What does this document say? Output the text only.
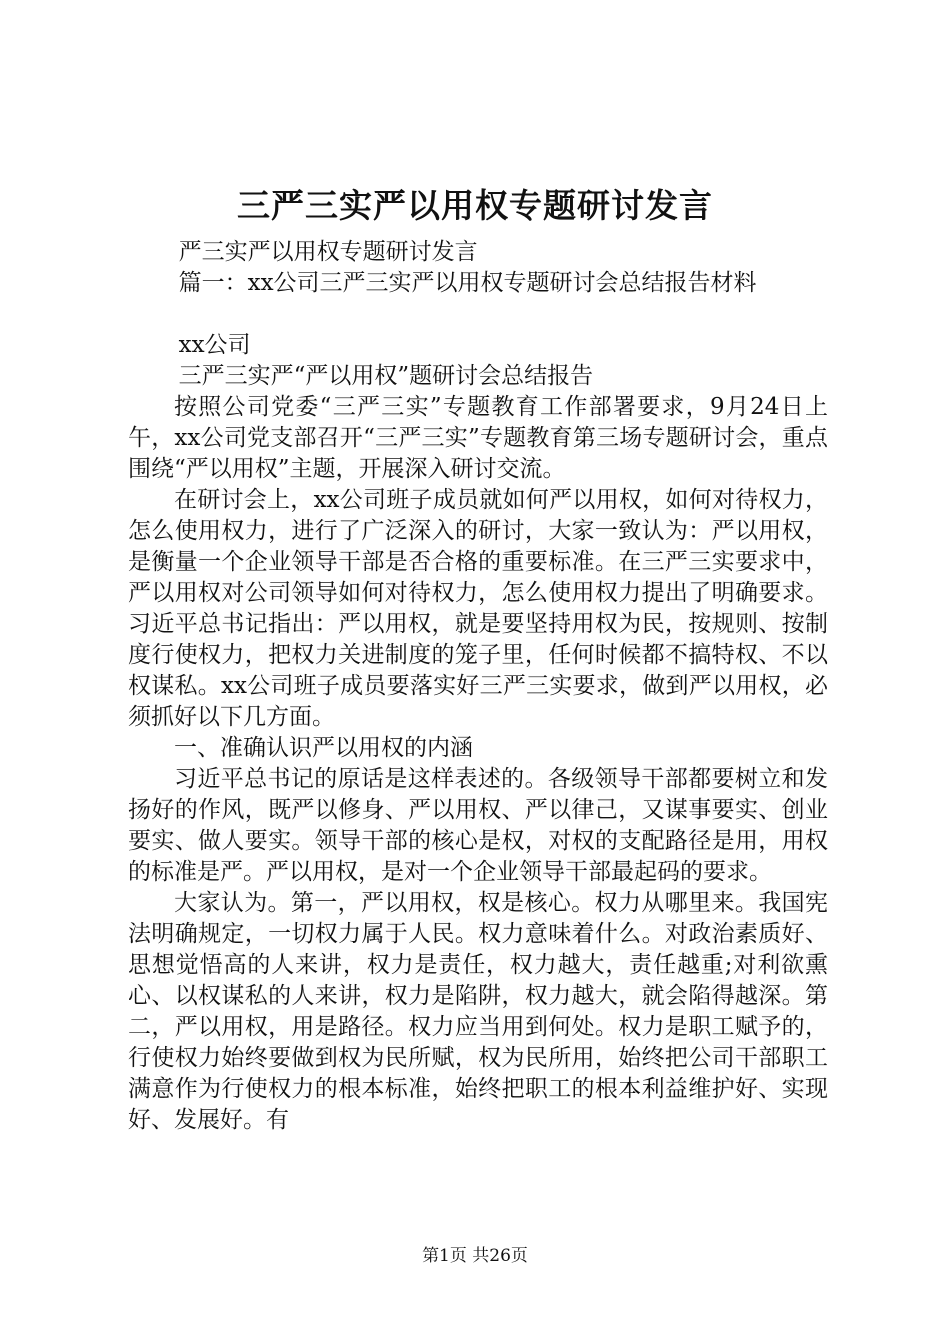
三严三实严以用权专题研讨发言

严三实严以用权专题研讨发言

篇一：xx公司三严三实严以用权专题研讨会总结报告材料

xx公司

三严三实严“严以用权”题研讨会总结报告

按照公司党委“三严三实”专题教育工作部署要求，9月24日上午，xx公司党支部召开“三严三实”专题教育第三场专题研讨会，重点围绕“严以用权”主题，开展深入研讨交流。

在研讨会上，xx公司班子成员就如何严以用权，如何对待权力，怎么使用权力，进行了广泛深入的研讨，大家一致认为：严以用权，是衡量一个企业领导干部是否合格的重要标准。在三严三实要求中，严以用权对公司领导如何对待权力，怎么使用权力提出了明确要求。习近平总书记指出：严以用权，就是要坚持用权为民，按规则、按制度行使权力，把权力关进制度的笼子里，任何时候都不搞特权、不以权谋私。xx公司班子成员要落实好三严三实要求，做到严以用权，必须抓好以下几方面。

一、准确认识严以用权的内涵

习近平总书记的原话是这样表述的。各级领导干部都要树立和发扬好的作风，既严以修身、严以用权、严以律己，又谋事要实、创业要实、做人要实。领导干部的核心是权，对权的支配路径是用，用权的标准是严。严以用权，是对一个企业领导干部最起码的要求。

大家认为。第一，严以用权，权是核心。权力从哪里来。我国宪法明确规定，一切权力属于人民。权力意味着什么。对政治素质好、思想觉悟高的人来讲，权力是责任，权力越大，责任越重;对利欲熏心、以权谋私的人来讲，权力是陷阱，权力越大，就会陷得越深。第二，严以用权，用是路径。权力应当用到何处。权力是职工赋予的，行使权力始终要做到权为民所赋，权为民所用，始终把公司干部职工满意作为行使权力的根本标准，始终把职工的根本利益维护好、实现好、发展好。有

第1页 共26页
